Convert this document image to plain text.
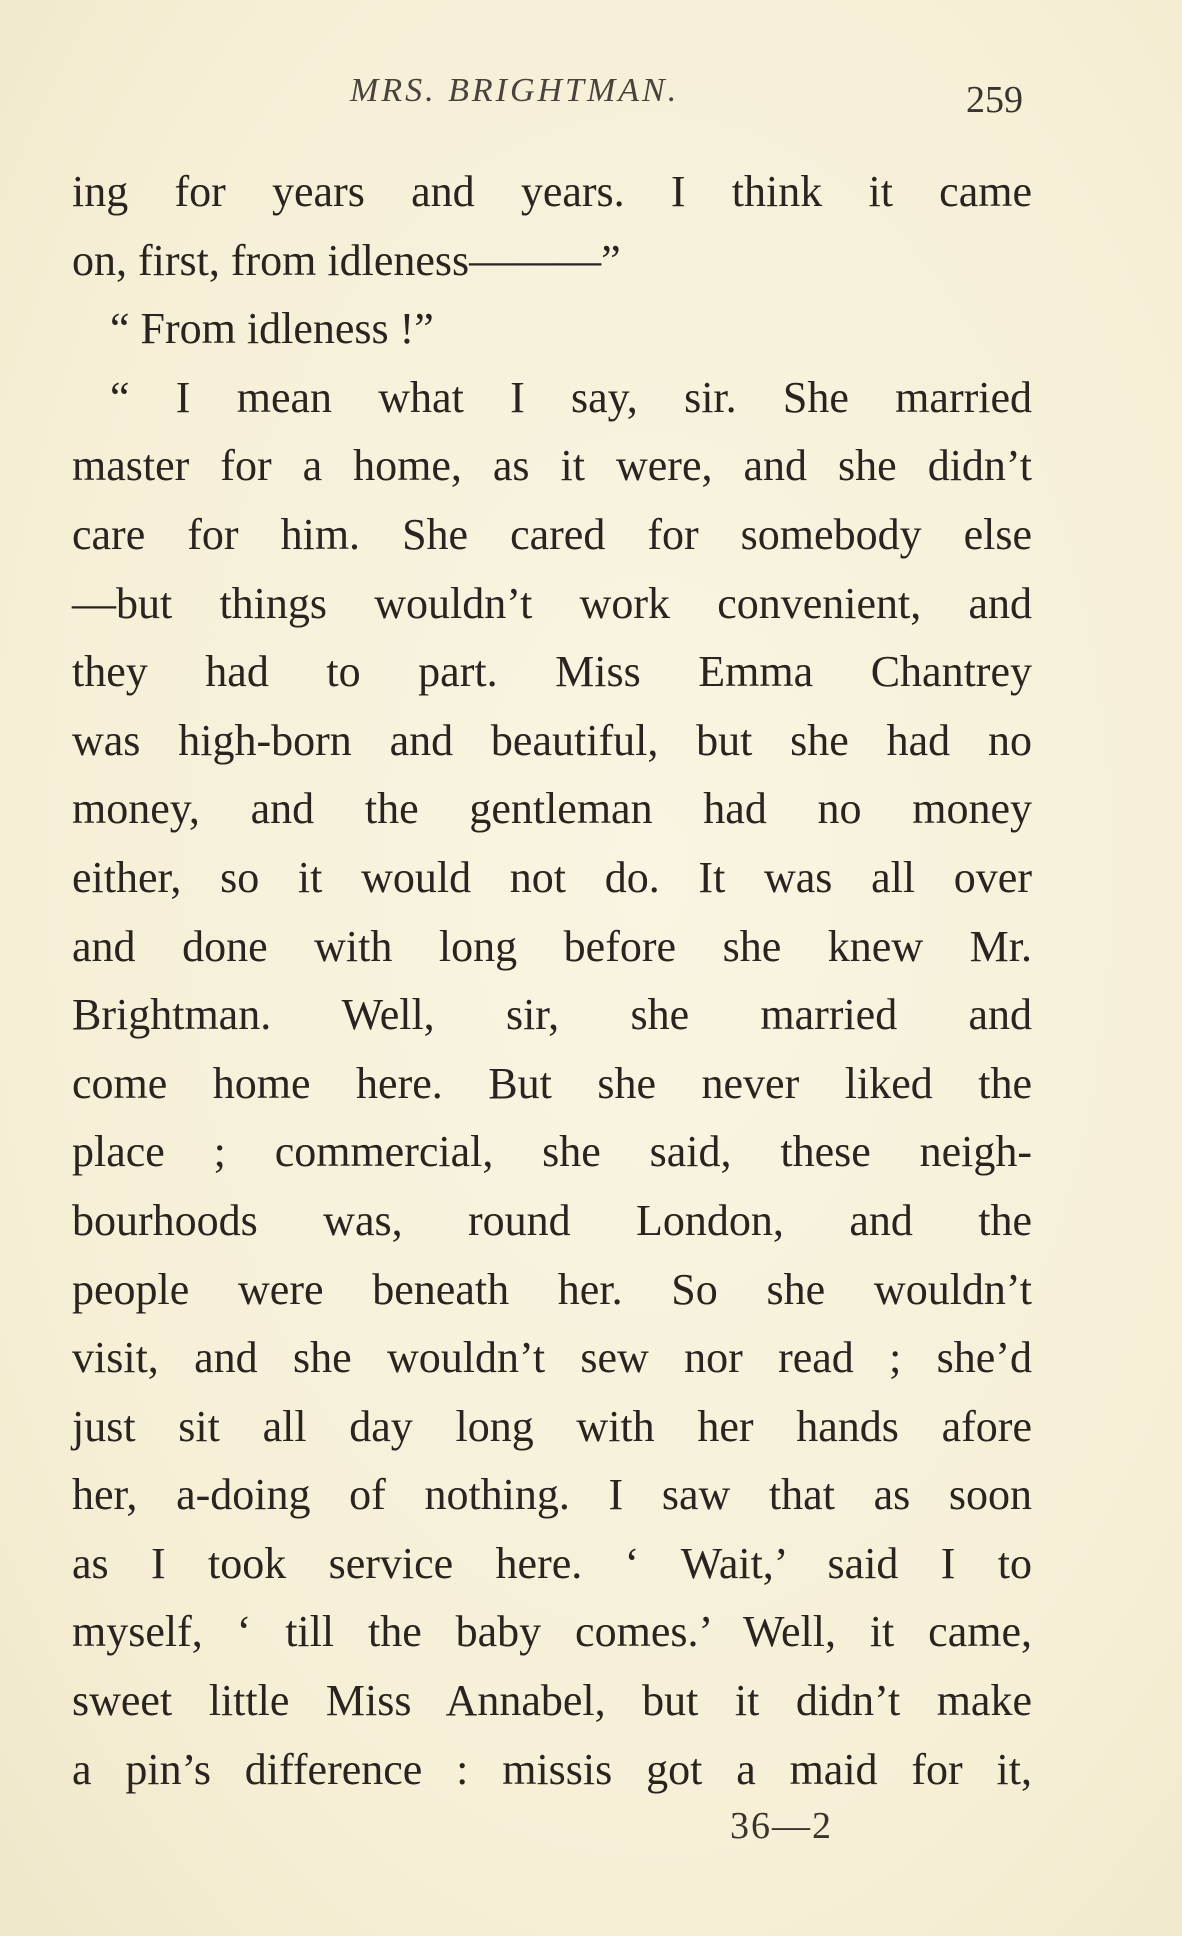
MRS. BRIGHTMAN.	259
ing for years and years. I think it came
on, first, from idleness———”
“ From idleness !”
“ I mean what I say, sir. She married
master for a home, as it were, and she didn’t
care for him. She cared for somebody else
—but things wouldn’t work convenient, and
they had to part. Miss Emma Chantrey
was high-born and beautiful, but she had no
money, and the gentleman had no money
either, so it would not do. It was all over
and done with long before she knew Mr.
Brightman. Well, sir, she married and
come home here. But she never liked the
place ; commercial, she said, these neigh-
bourhoods was, round London, and the
people were beneath her. So she wouldn’t
visit, and she wouldn’t sew nor read ; she’d
just sit all day long with her hands afore
her, a-doing of nothing. I saw that as soon
as I took service here. ‘ Wait,’ said I to
myself, ‘ till the baby comes.’ Well, it came,
sweet little Miss Annabel, but it didn’t make
a pin’s difference : missis got a maid for it,
36—2
